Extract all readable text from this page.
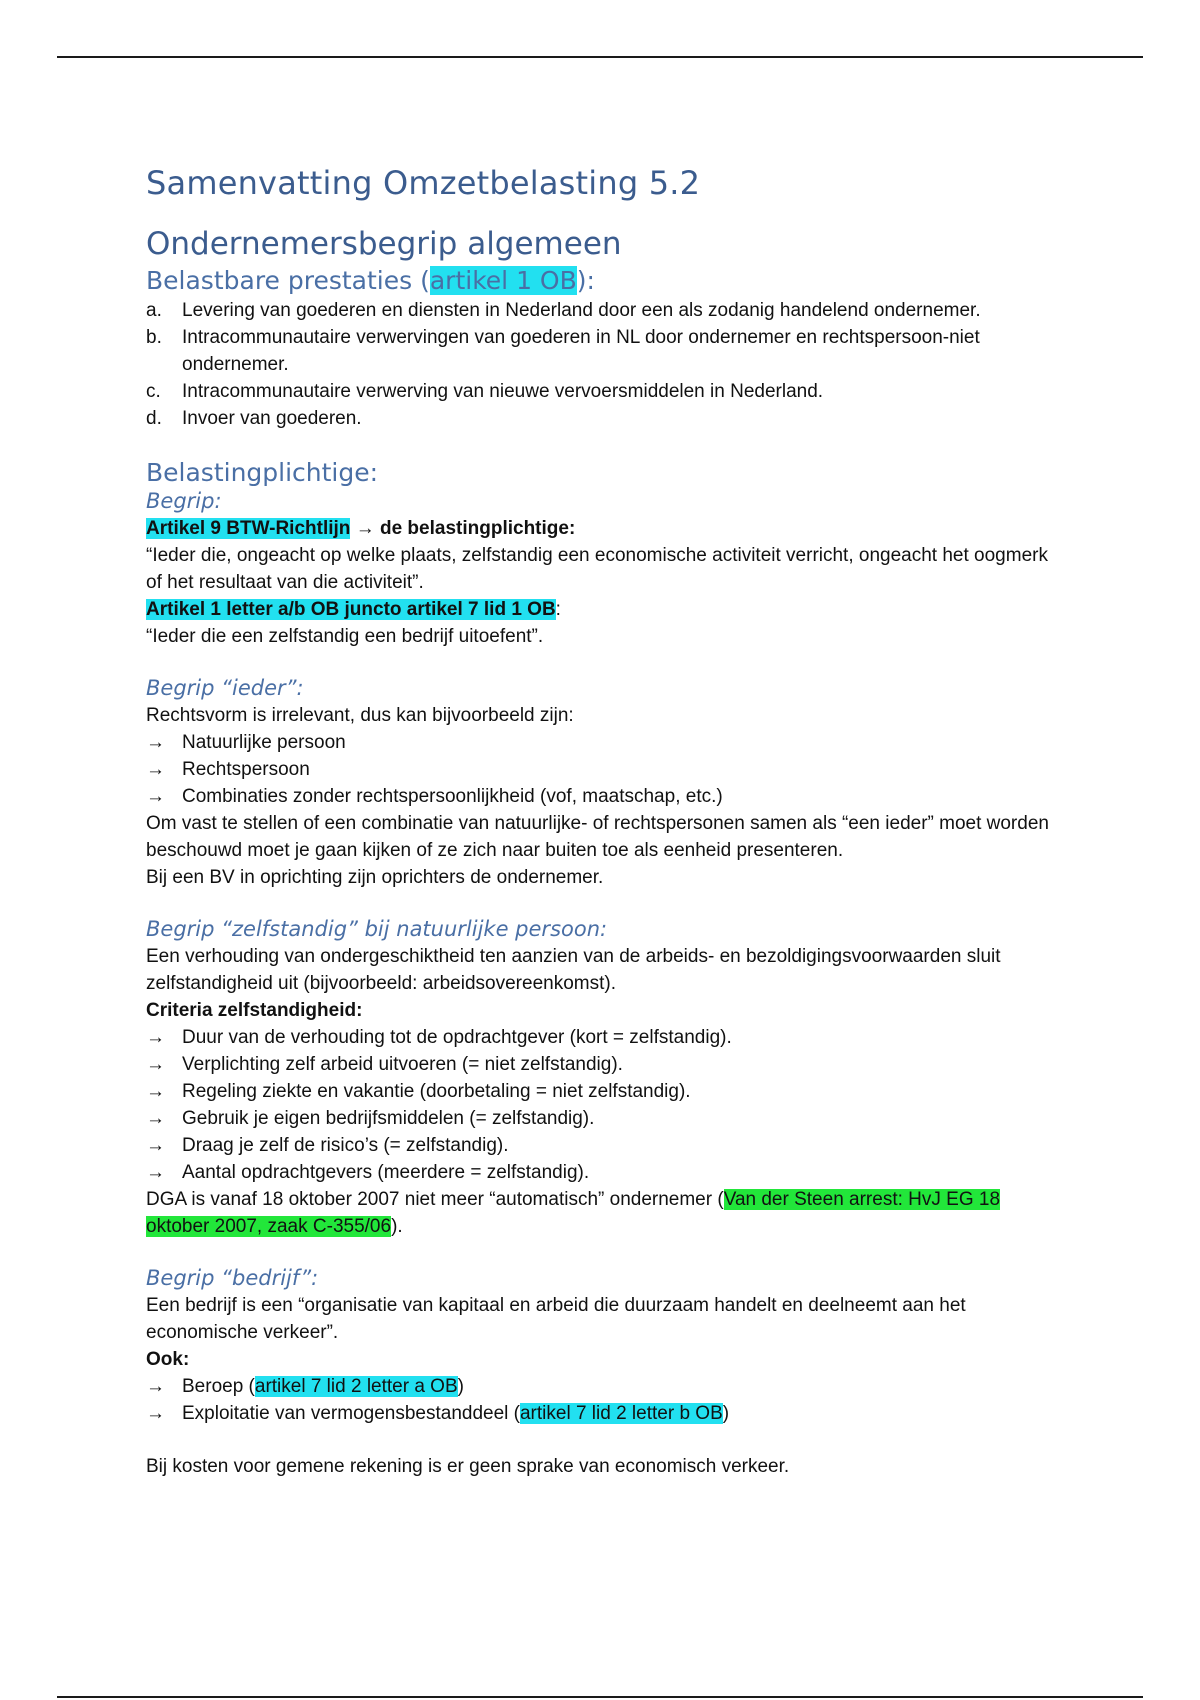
Samenvatting Omzetbelasting 5.2
Ondernemersbegrip algemeen
Belastbare prestaties (artikel 1 OB):
a.	Levering van goederen en diensten in Nederland door een als zodanig handelend ondernemer.
b.	Intracommunautaire verwervingen van goederen in NL door ondernemer en rechtspersoon-niet ondernemer.
c.	Intracommunautaire verwerving van nieuwe vervoersmiddelen in Nederland.
d.	Invoer van goederen.
Belastingplichtige:
Begrip:

Artikel 9 BTW-Richtlijn → de belastingplichtige:

“Ieder die, ongeacht op welke plaats, zelfstandig een economische activiteit verricht, ongeacht het oogmerk of het resultaat van die activiteit”.

Artikel 1 letter a/b OB juncto artikel 7 lid 1 OB:

“Ieder die een zelfstandig een bedrijf uitoefent”.

Begrip “ieder”:

Rechtsvorm is irrelevant, dus kan bijvoorbeeld zijn:

→ Natuurlijke persoon
→ Rechtspersoon
→ Combinaties zonder rechtspersoonlijkheid (vof, maatschap, etc.)

Om vast te stellen of een combinatie van natuurlijke- of rechtspersonen samen als “een ieder” moet worden beschouwd moet je gaan kijken of ze zich naar buiten toe als eenheid presenteren.

Bij een BV in oprichting zijn oprichters de ondernemer.

Begrip “zelfstandig” bij natuurlijke persoon:

Een verhouding van ondergeschiktheid ten aanzien van de arbeids- en bezoldigingsvoorwaarden sluit zelfstandigheid uit (bijvoorbeeld: arbeidsovereenkomst).

Criteria zelfstandigheid:

→ Duur van de verhouding tot de opdrachtgever (kort = zelfstandig).
→ Verplichting zelf arbeid uitvoeren (= niet zelfstandig).
→ Regeling ziekte en vakantie (doorbetaling = niet zelfstandig).
→ Gebruik je eigen bedrijfsmiddelen (= zelfstandig).
→ Draag je zelf de risico’s (= zelfstandig).
→ Aantal opdrachtgevers (meerdere = zelfstandig).

DGA is vanaf 18 oktober 2007 niet meer “automatisch” ondernemer (Van der Steen arrest: HvJ EG 18 oktober 2007, zaak C-355/06).

Begrip “bedrijf”:

Een bedrijf is een “organisatie van kapitaal en arbeid die duurzaam handelt en deelneemt aan het economische verkeer”.

Ook:

→ Beroep (artikel 7 lid 2 letter a OB)
→ Exploitatie van vermogensbestanddeel (artikel 7 lid 2 letter b OB)

Bij kosten voor gemene rekening is er geen sprake van economisch verkeer.
